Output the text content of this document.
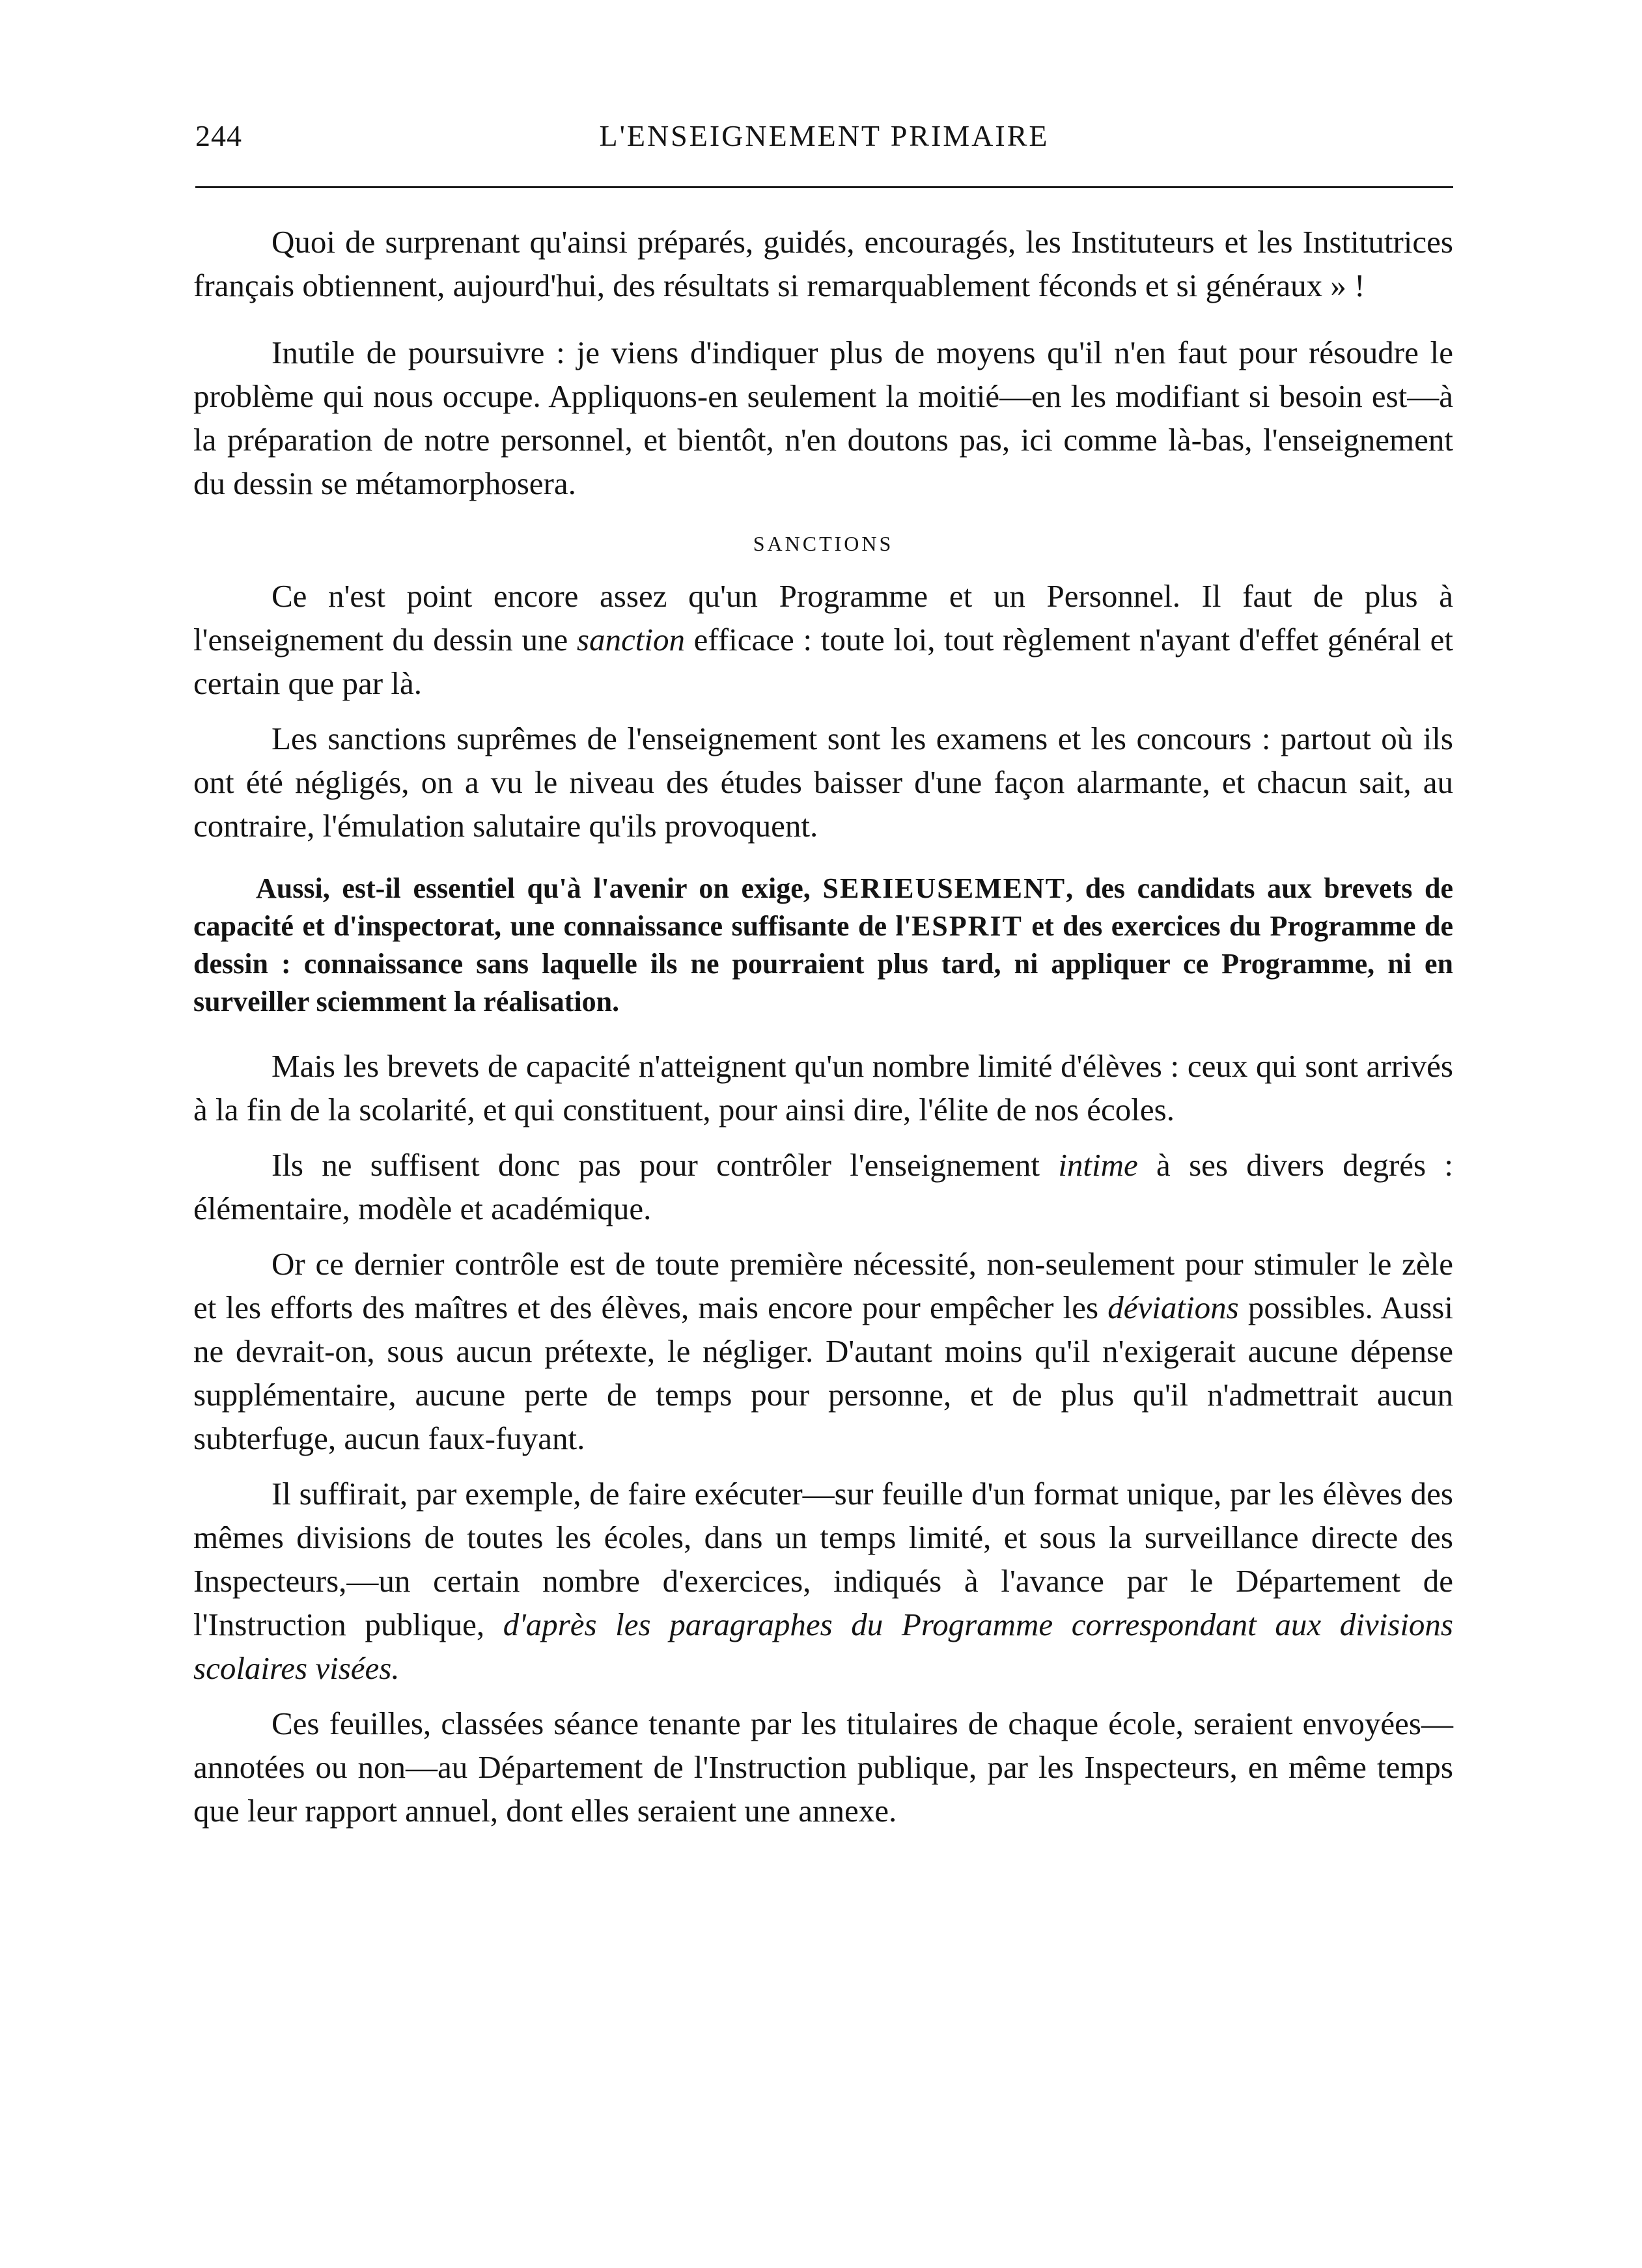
244	L'ENSEIGNEMENT PRIMAIRE

Quoi de surprenant qu'ainsi préparés, guidés, encouragés, les Instituteurs et les Institutrices français obtiennent, aujourd'hui, des résultats si remarquablement féconds et si généraux » !

Inutile de poursuivre : je viens d'indiquer plus de moyens qu'il n'en faut pour résoudre le problème qui nous occupe. Appliquons-en seulement la moitié—en les modifiant si besoin est—à la préparation de notre personnel, et bientôt, n'en doutons pas, ici comme là-bas, l'enseignement du dessin se métamorphosera.

SANCTIONS

Ce n'est point encore assez qu'un Programme et un Personnel. Il faut de plus à l'enseignement du dessin une sanction efficace : toute loi, tout règlement n'ayant d'effet général et certain que par là.

Les sanctions suprêmes de l'enseignement sont les examens et les concours : partout où ils ont été négligés, on a vu le niveau des études baisser d'une façon alarmante, et chacun sait, au contraire, l'émulation salutaire qu'ils provoquent.

Aussi, est-il essentiel qu'à l'avenir on exige, SERIEUSEMENT, des candidats aux brevets de capacité et d'inspectorat, une connaissance suffisante de l'ESPRIT et des exercices du Programme de dessin : connaissance sans laquelle ils ne pourraient plus tard, ni appliquer ce Programme, ni en surveiller sciemment la réalisation.

Mais les brevets de capacité n'atteignent qu'un nombre limité d'élèves : ceux qui sont arrivés à la fin de la scolarité, et qui constituent, pour ainsi dire, l'élite de nos écoles.

Ils ne suffisent donc pas pour contrôler l'enseignement intime à ses divers degrés : élémentaire, modèle et académique.

Or ce dernier contrôle est de toute première nécessité, non-seulement pour stimuler le zèle et les efforts des maîtres et des élèves, mais encore pour empêcher les déviations possibles. Aussi ne devrait-on, sous aucun prétexte, le négliger. D'autant moins qu'il n'exigerait aucune dépense supplémentaire, aucune perte de temps pour personne, et de plus qu'il n'admettrait aucun subterfuge, aucun faux-fuyant.

Il suffirait, par exemple, de faire exécuter—sur feuille d'un format unique, par les élèves des mêmes divisions de toutes les écoles, dans un temps limité, et sous la surveillance directe des Inspecteurs,—un certain nombre d'exercices, indiqués à l'avance par le Département de l'Instruction publique, d'après les paragraphes du Programme correspondant aux divisions scolaires visées.

Ces feuilles, classées séance tenante par les titulaires de chaque école, seraient envoyées—annotées ou non—au Département de l'Instruction publique, par les Inspecteurs, en même temps que leur rapport annuel, dont elles seraient une annexe.
